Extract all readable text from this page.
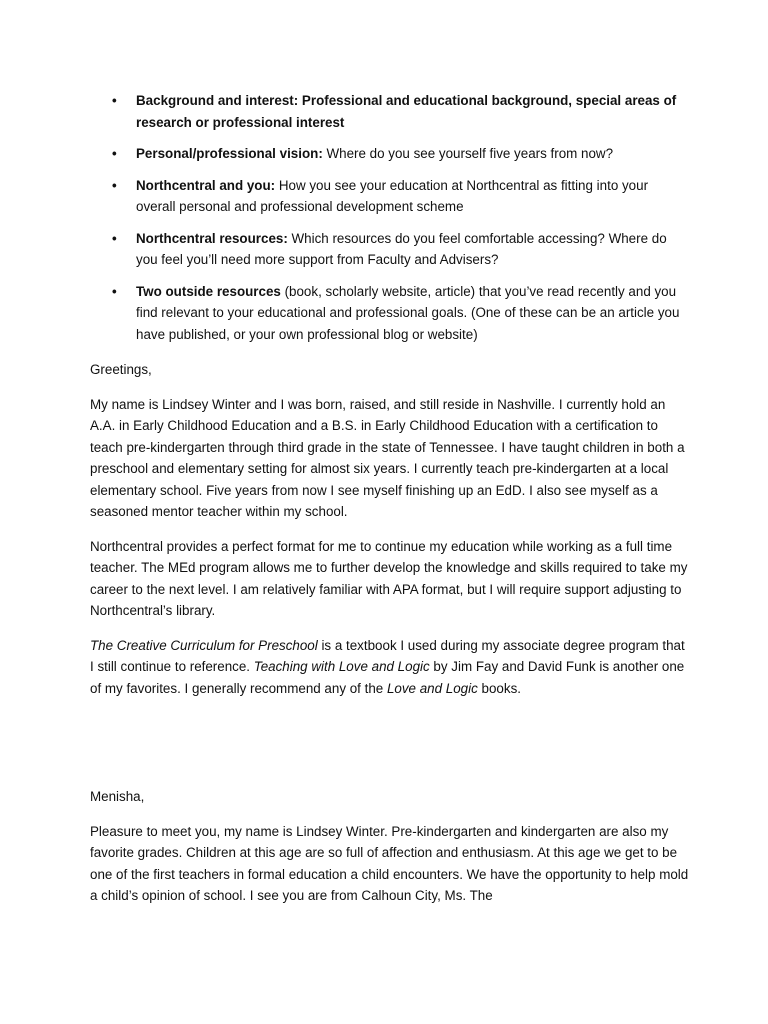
• Background and interest: Professional and educational background, special areas of research or professional interest
• Personal/professional vision: Where do you see yourself five years from now?
• Northcentral and you: How you see your education at Northcentral as fitting into your overall personal and professional development scheme
• Northcentral resources: Which resources do you feel comfortable accessing? Where do you feel you’ll need more support from Faculty and Advisers?
• Two outside resources (book, scholarly website, article) that you’ve read recently and you find relevant to your educational and professional goals. (One of these can be an article you have published, or your own professional blog or website)

Greetings,

My name is Lindsey Winter and I was born, raised, and still reside in Nashville. I currently hold an A.A. in Early Childhood Education and a B.S. in Early Childhood Education with a certification to teach pre-kindergarten through third grade in the state of Tennessee. I have taught children in both a preschool and elementary setting for almost six years. I currently teach pre-kindergarten at a local elementary school. Five years from now I see myself finishing up an EdD. I also see myself as a seasoned mentor teacher within my school.

Northcentral provides a perfect format for me to continue my education while working as a full time teacher. The MEd program allows me to further develop the knowledge and skills required to take my career to the next level. I am relatively familiar with APA format, but I will require support adjusting to Northcentral’s library.

The Creative Curriculum for Preschool is a textbook I used during my associate degree program that I still continue to reference. Teaching with Love and Logic by Jim Fay and David Funk is another one of my favorites. I generally recommend any of the Love and Logic books.

Menisha,

Pleasure to meet you, my name is Lindsey Winter. Pre-kindergarten and kindergarten are also my favorite grades. Children at this age are so full of affection and enthusiasm. At this age we get to be one of the first teachers in formal education a child encounters. We have the opportunity to help mold a child’s opinion of school. I see you are from Calhoun City, Ms. The
